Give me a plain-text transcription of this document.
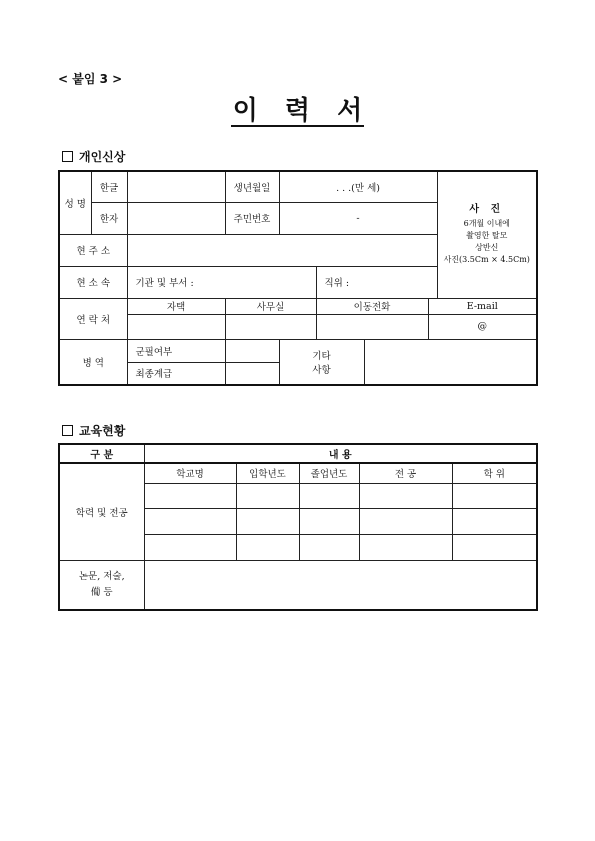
< 붙임 3 >
이 력 서
개인신상
성 명	한글		생년월일	. . .(만 세)				사 진
6개월 이내에
촬영한 탈모
상반신
사진(3.5Cm × 4.5Cm)
	한자		주민번호	-				
현 주 소								
현 소 속		기관 및 부서 :			직위 :			
연 락 처		자택	사무실		이동전화		E-mail	
							@	
병 역		군필여부		기타
사항				
		최종계급						
교육현황
구 분	내 용				
학력 및 전공	학교명	입학년도	졸업년도	전 공	학 위

논문, 저술,
僃 등					
